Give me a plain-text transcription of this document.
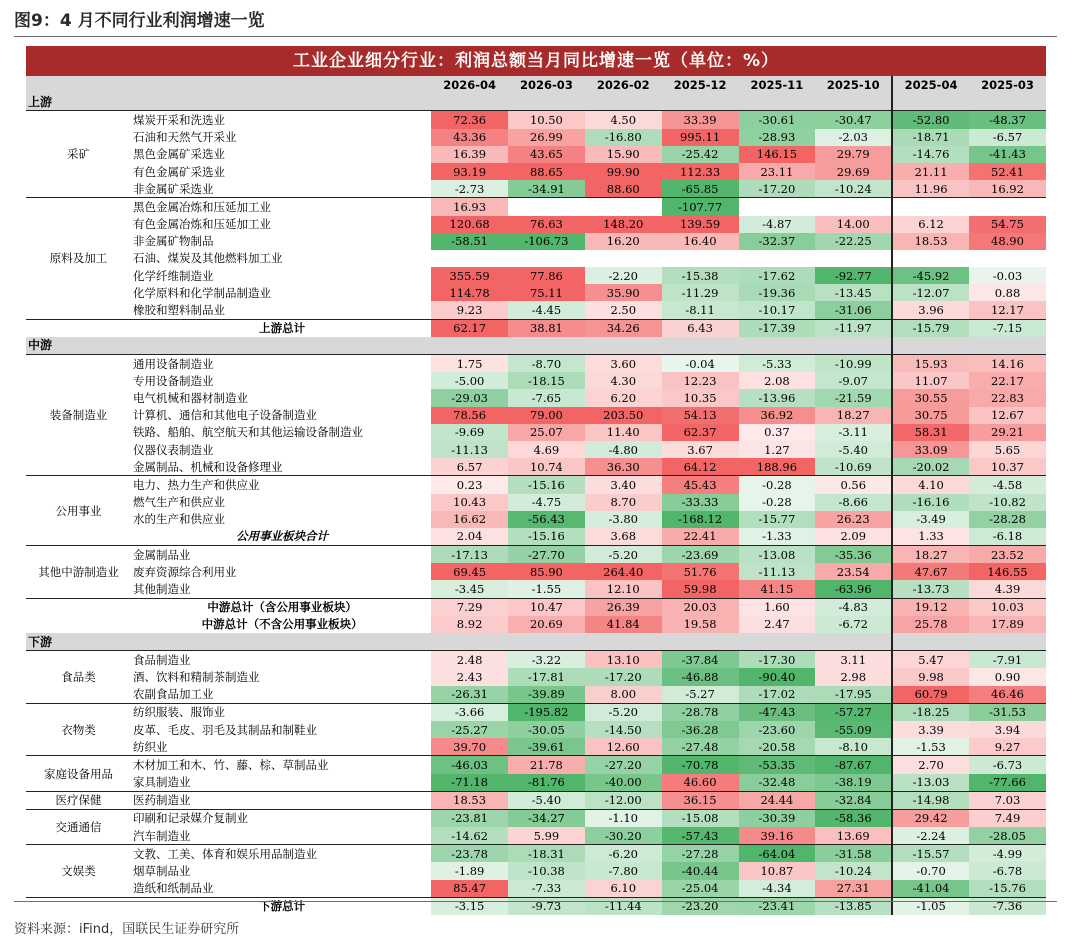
图9：4 月不同行业利润增速一览
工业企业细分行业：利润总额当月同比增速一览（单位：%）									
		2026-04	2026-03	2026-02	2025-12	2025-11	2025-10	2025-04	2025-03
上游									
采矿	煤炭开采和洗选业	72.36	10.50	4.50	33.39	-30.61	-30.47	-52.80	-48.37
	石油和天然气开采业	43.36	26.99	-16.80	995.11	-28.93	-2.03	-18.71	-6.57
	黑色金属矿采选业	16.39	43.65	15.90	-25.42	146.15	29.79	-14.76	-41.43
	有色金属矿采选业	93.19	88.65	99.90	112.33	23.11	29.69	21.11	52.41
	非金属矿采选业	-2.73	-34.91	88.60	-65.85	-17.20	-10.24	11.96	16.92
原料及加工	黑色金属冶炼和压延加工业	16.93			-107.77				
	有色金属冶炼和压延加工业	120.68	76.63	148.20	139.59	-4.87	14.00	6.12	54.75
	非金属矿物制品	-58.51	-106.73	16.20	16.40	-32.37	-22.25	18.53	48.90
	石油、煤炭及其他燃料加工业								
	化学纤维制造业	355.59	77.86	-2.20	-15.38	-17.62	-92.77	-45.92	-0.03
	化学原料和化学制品制造业	114.78	75.11	35.90	-11.29	-19.36	-13.45	-12.07	0.88
	橡胶和塑料制品业	9.23	-4.45	2.50	-8.11	-10.17	-31.06	3.96	12.17
	上游总计	62.17	38.81	34.26	6.43	-17.39	-11.97	-15.79	-7.15
中游									
装备制造业	通用设备制造业	1.75	-8.70	3.60	-0.04	-5.33	-10.99	15.93	14.16
	专用设备制造业	-5.00	-18.15	4.30	12.23	2.08	-9.07	11.07	22.17
	电气机械和器材制造业	-29.03	-7.65	6.20	10.35	-13.96	-21.59	30.55	22.83
	计算机、通信和其他电子设备制造业	78.56	79.00	203.50	54.13	36.92	18.27	30.75	12.67
	铁路、船舶、航空航天和其他运输设备制造业	-9.69	25.07	11.40	62.37	0.37	-3.11	58.31	29.21
	仪器仪表制造业	-11.13	4.69	-4.80	3.67	1.27	-5.40	33.09	5.65
	金属制品、机械和设备修理业	6.57	10.74	36.30	64.12	188.96	-10.69	-20.02	10.37
公用事业	电力、热力生产和供应业	0.23	-15.16	3.40	45.43	-0.28	0.56	4.10	-4.58
	燃气生产和供应业	10.43	-4.75	8.70	-33.33	-0.28	-8.66	-16.16	-10.82
	水的生产和供应业	16.62	-56.43	-3.80	-168.12	-15.77	26.23	-3.49	-28.28
	公用事业板块合计	2.04	-15.16	3.68	22.41	-1.33	2.09	1.33	-6.18
其他中游制造业	金属制品业	-17.13	-27.70	-5.20	-23.69	-13.08	-35.36	18.27	23.52
	废弃资源综合利用业	69.45	85.90	264.40	51.76	-11.13	23.54	47.67	146.55
	其他制造业	-3.45	-1.55	12.10	59.98	41.15	-63.96	-13.73	4.39
	中游总计（含公用事业板块）	7.29	10.47	26.39	20.03	1.60	-4.83	19.12	10.03
	中游总计（不含公用事业板块）	8.92	20.69	41.84	19.58	2.47	-6.72	25.78	17.89
下游									
食品类	食品制造业	2.48	-3.22	13.10	-37.84	-17.30	3.11	5.47	-7.91
	酒、饮料和精制茶制造业	2.43	-17.81	-17.20	-46.88	-90.40	2.98	9.98	0.90
	农副食品加工业	-26.31	-39.89	8.00	-5.27	-17.02	-17.95	60.79	46.46
衣物类	纺织服装、服饰业	-3.66	-195.82	-5.20	-28.78	-47.43	-57.27	-18.25	-31.53
	皮革、毛皮、羽毛及其制品和制鞋业	-25.27	-30.05	-14.50	-36.28	-23.60	-55.09	3.39	3.94
	纺织业	39.70	-39.61	12.60	-27.48	-20.58	-8.10	-1.53	9.27
家庭设备用品	木材加工和木、竹、藤、棕、草制品业	-46.03	21.78	-27.20	-70.78	-53.35	-87.67	2.70	-6.73
	家具制造业	-71.18	-81.76	-40.00	46.60	-32.48	-38.19	-13.03	-77.66
医疗保健	医药制造业	18.53	-5.40	-12.00	36.15	24.44	-32.84	-14.98	7.03
交通通信	印刷和记录媒介复制业	-23.81	-34.27	-1.10	-15.08	-30.39	-58.36	29.42	7.49
	汽车制造业	-14.62	5.99	-30.20	-57.43	39.16	13.69	-2.24	-28.05
文娱类	文教、工美、体育和娱乐用品制造业	-23.78	-18.31	-6.20	-27.28	-64.04	-31.58	-15.57	-4.99
	烟草制品业	-1.89	-10.38	-7.80	-40.44	10.87	-10.24	-0.70	-6.78
	造纸和纸制品业	85.47	-7.33	6.10	-25.04	-4.34	27.31	-41.04	-15.76
	下游总计	-3.15	-9.73	-11.44	-23.20	-23.41	-13.85	-1.05	-7.36
资料来源：iFind，国联民生证券研究所
